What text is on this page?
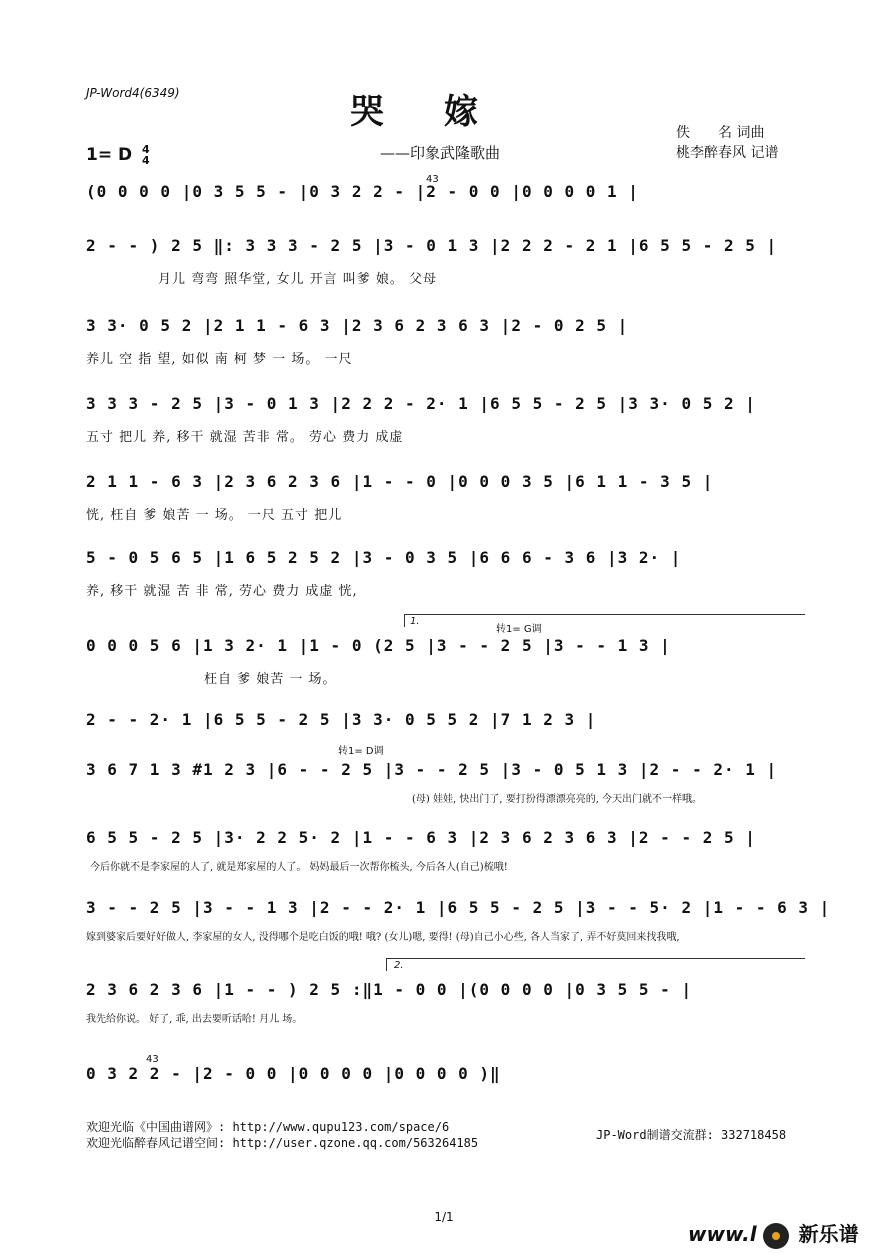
JP-Word4(6349)	哭嫁
——印象武隆歌曲
1= D 4
4
佚　　名 词曲
桃李醉春风 记谱
(0 0 0 0 |0 3 5 5 - |0 3 2 2 - |2 - 0 0 |0 0 0 0 1 |
43
2 - - ) 2 5 ‖: 3 3 3 - 2 5 |3 - 0 1 3 |2 2 2 - 2 1 |6 5 5 - 2 5 |
月儿 弯弯 照华堂, 女儿 开言 叫爹 娘。 父母
3 3· 0 5 2 |2 1 1 - 6 3 |2 3 6 2 3 6 3 |2 - 0 2 5 |
养儿 空 指 望, 如似 南 柯 梦 一 场。 一尺
3 3 3 - 2 5 |3 - 0 1 3 |2 2 2 - 2· 1 |6 5 5 - 2 5 |3 3· 0 5 2 |
五寸 把儿 养, 移干 就湿 苦非 常。 劳心 费力 成虚
2 1 1 - 6 3 |2 3 6 2 3 6 |1 - - 0 |0 0 0 3 5 |6 1 1 - 3 5 |
恍, 枉自 爹 娘苦 一 场。 一尺 五寸 把儿
5 - 0 5 6 5 |1 6 5 2 5 2 |3 - 0 3 5 |6 6 6 - 3 6 |3 2· |
养, 移干 就湿 苦 非 常, 劳心 费力 成虚 恍,
1.
转1= G调
0 0 0 5 6 |1 3 2· 1 |1 - 0 (2 5 |3 - - 2 5 |3 - - 1 3 |
枉自 爹 娘苦 一 场。
2 - - 2· 1 |6 5 5 - 2 5 |3 3· 0 5 5 2 |7 1 2 3 |
转1= D调
3 6 7 1 3 #1 2 3 |6 - - 2 5 |3 - - 2 5 |3 - 0 5 1 3 |2 - - 2· 1 |
(母) 娃娃, 快出门了, 要打扮得漂漂亮亮的, 今天出门就不一样哦。
6 5 5 - 2 5 |3· 2 2 5· 2 |1 - - 6 3 |2 3 6 2 3 6 3 |2 - - 2 5 |
今后你就不是李家屋的人了, 就是郑家屋的人了。 妈妈最后一次帮你梳头, 今后各人(自己)梳哦!
3 - - 2 5 |3 - - 1 3 |2 - - 2· 1 |6 5 5 - 2 5 |3 - - 5· 2 |1 - - 6 3 |
嫁到婆家后要好好做人, 李家屋的女人, 没得哪个是吃白饭的哦! 哦? (女儿)嗯, 要得! (母)自己小心些, 各人当家了, 弄不好莫回来找我哦,
2.
2 3 6 2 3 6 |1 - - ) 2 5 :‖1 - 0 0 |(0 0 0 0 |0 3 5 5 - |
我先给你说。 好了, 乖, 出去要听话哈! 月儿 场。
43
0 3 2 2 - |2 - 0 0 |0 0 0 0 |0 0 0 0 )‖
欢迎光临《中国曲谱网》: http://www.qupu123.com/space/6
欢迎光临醉春风记谱空间: http://user.qzone.qq.com/563264185
JP-Word制谱交流群: 332718458
1/1
www.l 新乐谱
